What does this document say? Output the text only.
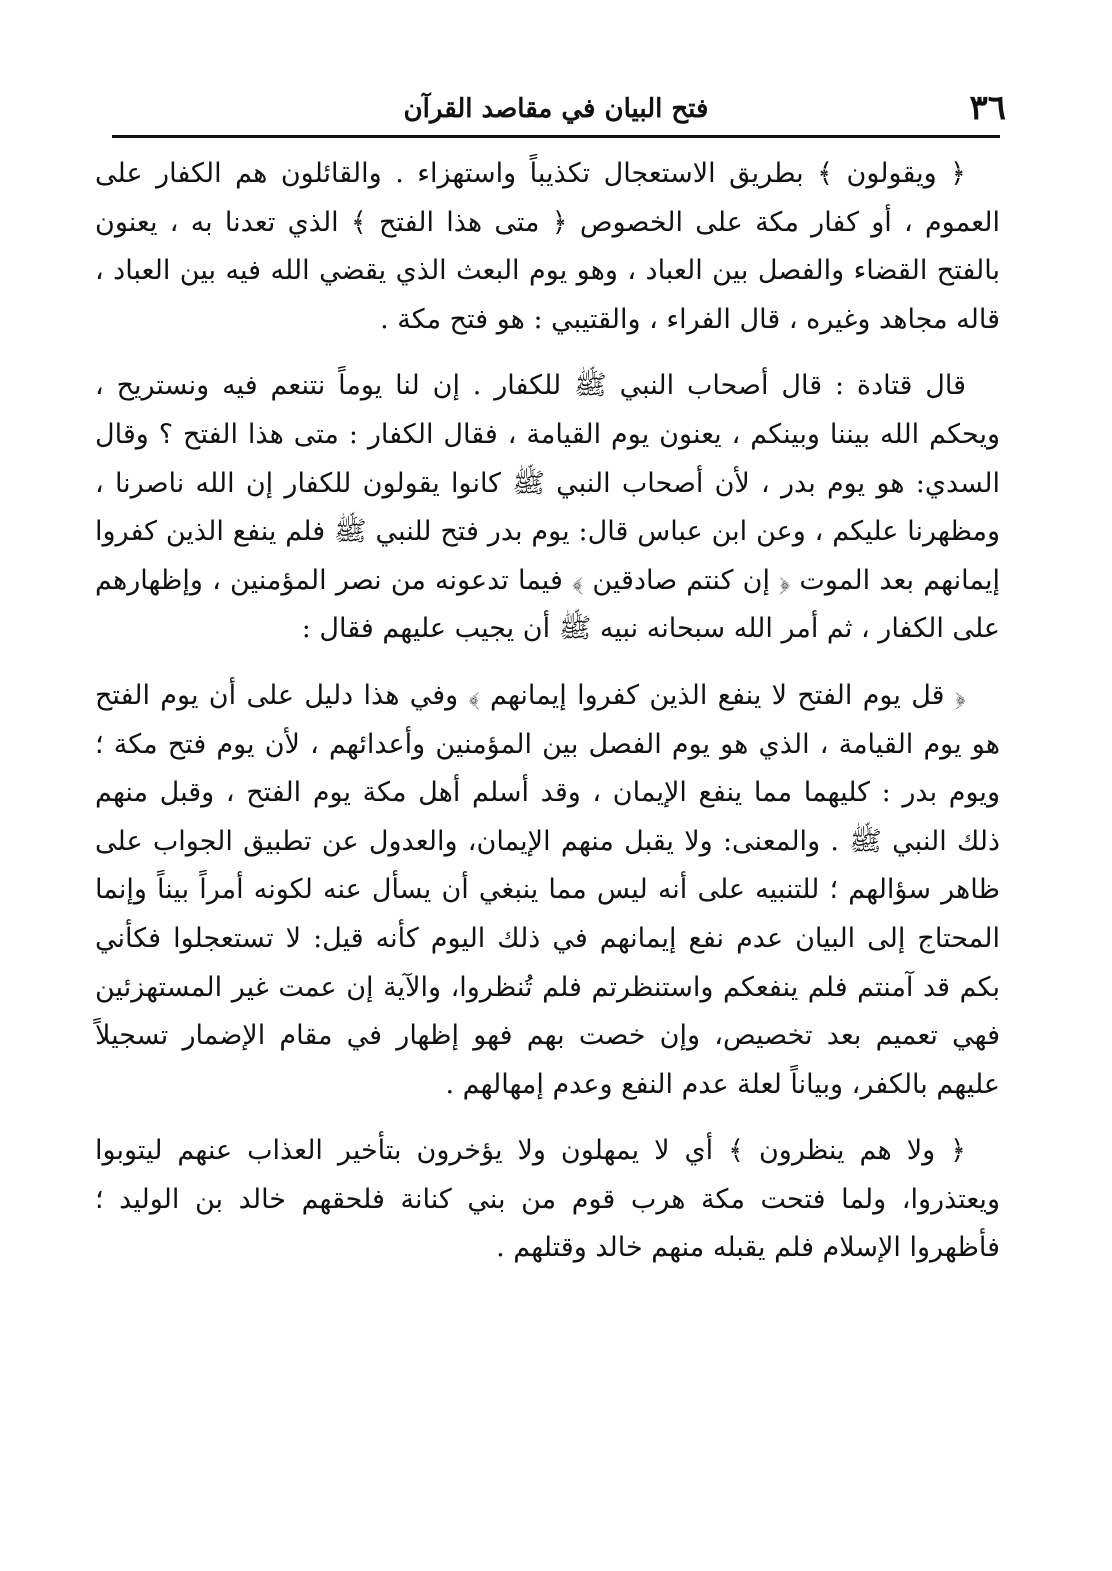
٣٦
فتح البيان في مقاصد القرآن

﴿ ويقولون ﴾ بطريق الاستعجال تكذيباً واستهزاء . والقائلون هم الكفار على العموم ، أو كفار مكة على الخصوص ﴿ متى هذا الفتح ﴾ الذي تعدنا به ، يعنون بالفتح القضاء والفصل بين العباد ، وهو يوم البعث الذي يقضي الله فيه بين العباد ، قاله مجاهد وغيره ، قال الفراء ، والقتيبي : هو فتح مكة .

قال قتادة : قال أصحاب النبي ﷺ للكفار . إن لنا يوماً نتنعم فيه ونستريح ، ويحكم الله بيننا وبينكم ، يعنون يوم القيامة ، فقال الكفار : متى هذا الفتح ؟ وقال السدي: هو يوم بدر ، لأن أصحاب النبي ﷺ كانوا يقولون للكفار إن الله ناصرنا ، ومظهرنا عليكم ، وعن ابن عباس قال: يوم بدر فتح للنبي ﷺ فلم ينفع الذين كفروا إيمانهم بعد الموت ﴿ إن كنتم صادقين ﴾ فيما تدعونه من نصر المؤمنين ، وإظهارهم على الكفار ، ثم أمر الله سبحانه نبيه ﷺ أن يجيب عليهم فقال :

﴿ قل يوم الفتح لا ينفع الذين كفروا إيمانهم ﴾ وفي هذا دليل على أن يوم الفتح هو يوم القيامة ، الذي هو يوم الفصل بين المؤمنين وأعدائهم ، لأن يوم فتح مكة ؛ ويوم بدر : كليهما مما ينفع الإيمان ، وقد أسلم أهل مكة يوم الفتح ، وقبل منهم ذلك النبي ﷺ . والمعنى: ولا يقبل منهم الإيمان، والعدول عن تطبيق الجواب على ظاهر سؤالهم ؛ للتنبيه على أنه ليس مما ينبغي أن يسأل عنه لكونه أمراً بيناً وإنما المحتاج إلى البيان عدم نفع إيمانهم في ذلك اليوم كأنه قيل: لا تستعجلوا فكأني بكم قد آمنتم فلم ينفعكم واستنظرتم فلم تُنظروا، والآية إن عمت غير المستهزئين فهي تعميم بعد تخصيص، وإن خصت بهم فهو إظهار في مقام الإضمار تسجيلاً عليهم بالكفر، وبياناً لعلة عدم النفع وعدم إمهالهم .

﴿ ولا هم ينظرون ﴾ أي لا يمهلون ولا يؤخرون بتأخير العذاب عنهم ليتوبوا ويعتذروا، ولما فتحت مكة هرب قوم من بني كنانة فلحقهم خالد بن الوليد ؛ فأظهروا الإسلام فلم يقبله منهم خالد وقتلهم .
